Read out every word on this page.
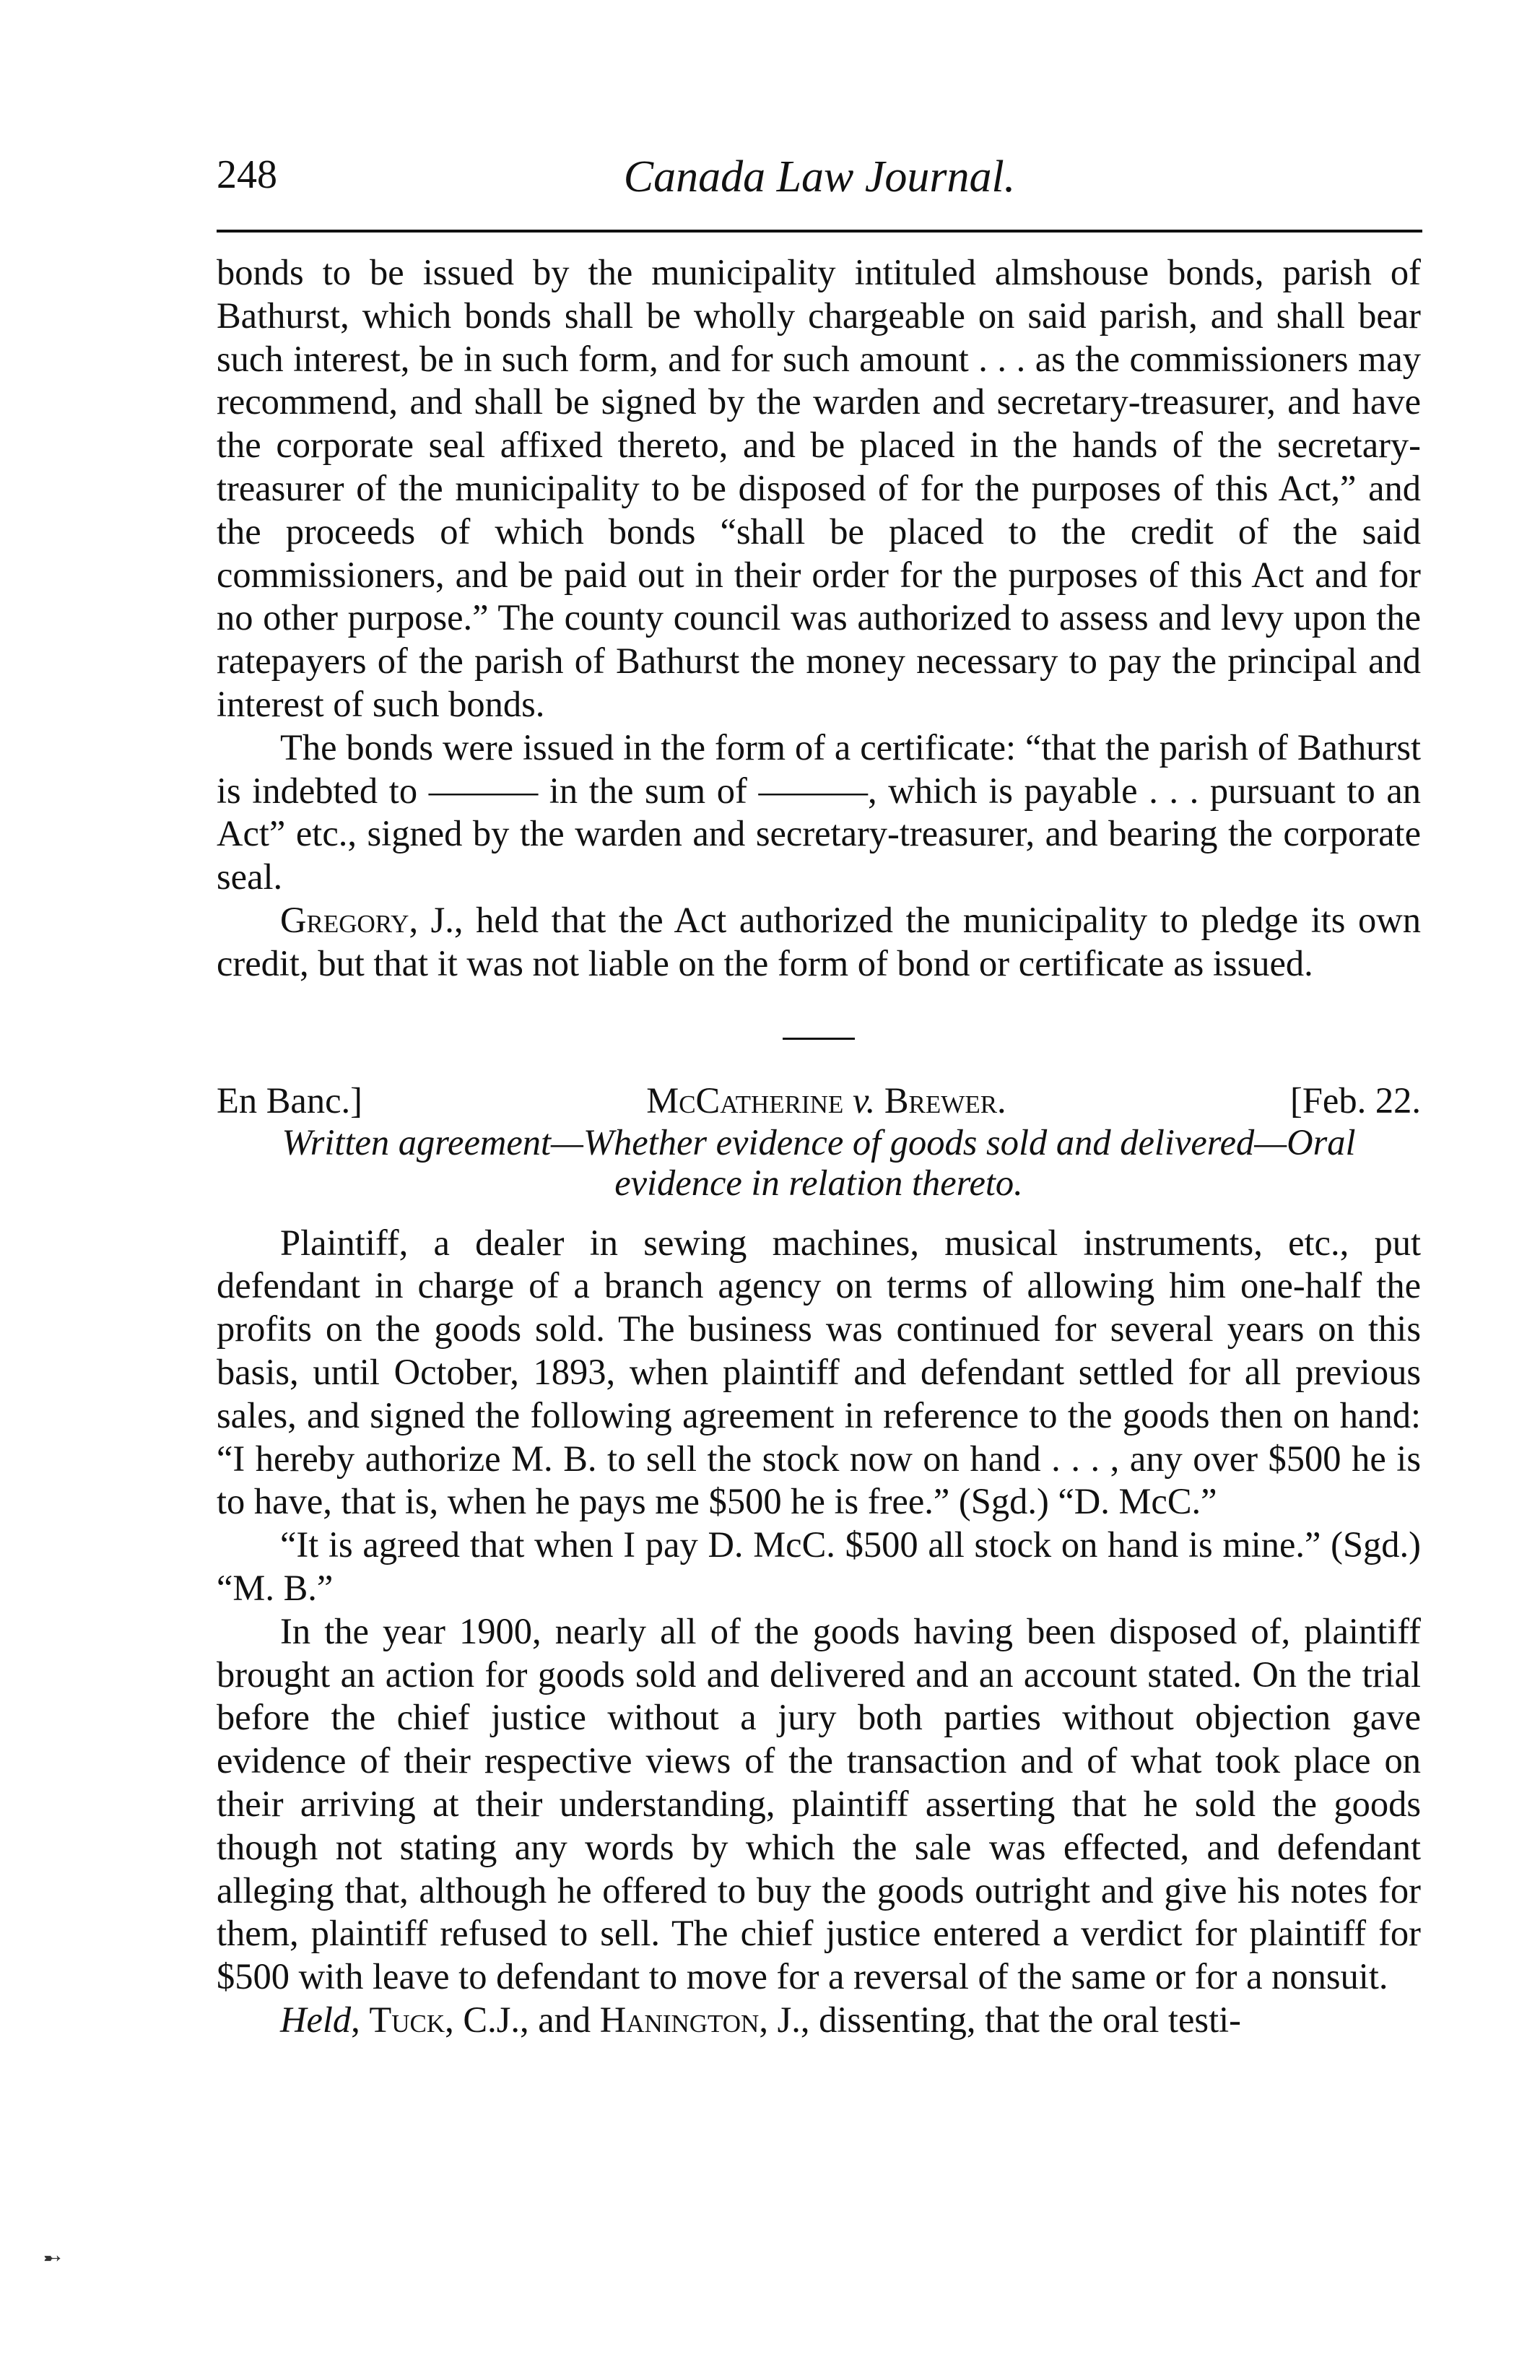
248	Canada Law Journal.

bonds to be issued by the municipality intituled almshouse bonds, parish of Bathurst, which bonds shall be wholly chargeable on said parish, and shall bear such interest, be in such form, and for such amount . . . as the commissioners may recommend, and shall be signed by the warden and secretary-treasurer, and have the corporate seal affixed thereto, and be placed in the hands of the secretary-treasurer of the municipality to be disposed of for the purposes of this Act,” and the proceeds of which bonds “shall be placed to the credit of the said commissioners, and be paid out in their order for the purposes of this Act and for no other purpose.” The county council was authorized to assess and levy upon the ratepayers of the parish of Bathurst the money necessary to pay the principal and interest of such bonds.

The bonds were issued in the form of a certificate: “that the parish of Bathurst is indebted to ——— in the sum of ———, which is payable . . . pursuant to an Act” etc., signed by the warden and secretary-treasurer, and bearing the corporate seal.

Gregory, J., held that the Act authorized the municipality to pledge its own credit, but that it was not liable on the form of bond or certificate as issued.

En Banc.]	McCatherine v. Brewer.	[Feb. 22.
Written agreement—Whether evidence of goods sold and delivered—Oral evidence in relation thereto.

Plaintiff, a dealer in sewing machines, musical instruments, etc., put defendant in charge of a branch agency on terms of allowing him one-half the profits on the goods sold. The business was continued for several years on this basis, until October, 1893, when plaintiff and defendant settled for all previous sales, and signed the following agreement in reference to the goods then on hand: “I hereby authorize M. B. to sell the stock now on hand . . . , any over $500 he is to have, that is, when he pays me $500 he is free.” (Sgd.) “D. McC.”

“It is agreed that when I pay D. McC. $500 all stock on hand is mine.” (Sgd.) “M. B.”

In the year 1900, nearly all of the goods having been disposed of, plaintiff brought an action for goods sold and delivered and an account stated. On the trial before the chief justice without a jury both parties without objection gave evidence of their respective views of the transaction and of what took place on their arriving at their understanding, plaintiff asserting that he sold the goods though not stating any words by which the sale was effected, and defendant alleging that, although he offered to buy the goods outright and give his notes for them, plaintiff refused to sell. The chief justice entered a verdict for plaintiff for $500 with leave to defendant to move for a reversal of the same or for a nonsuit.

Held, Tuck, C.J., and Hanington, J., dissenting, that the oral testi-

➸
